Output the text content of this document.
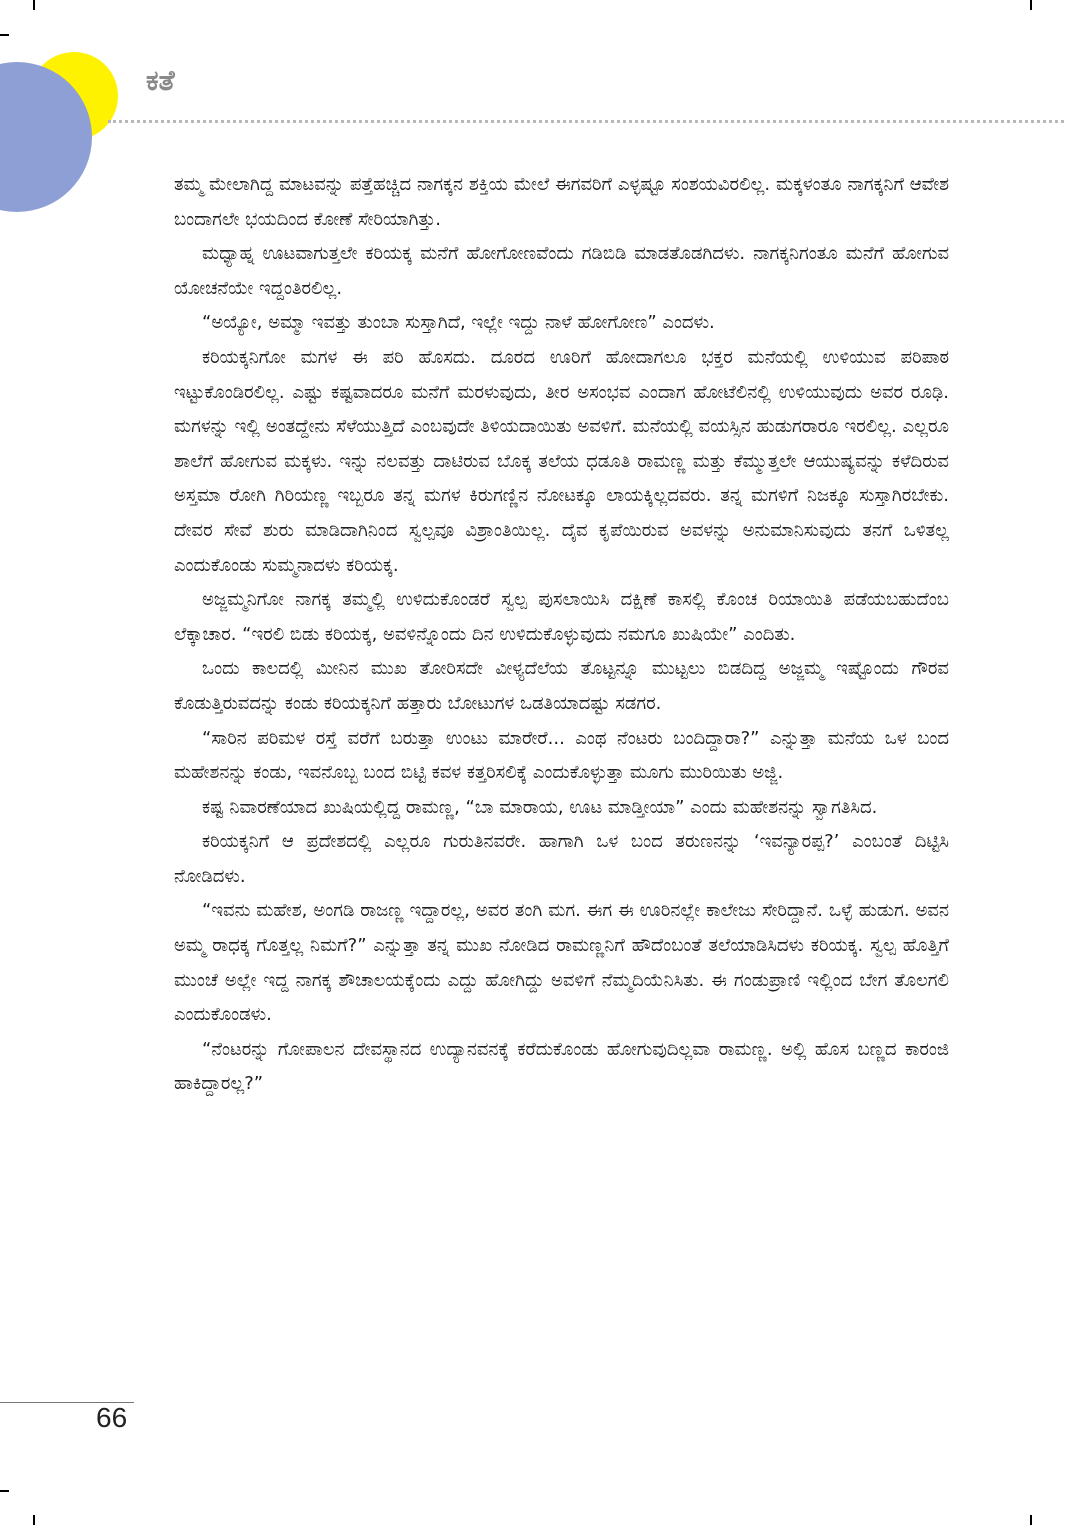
ಕತೆ

ತಮ್ಮ ಮೇಲಾಗಿದ್ದ ಮಾಟವನ್ನು ಪತ್ತೆಹಚ್ಚಿದ ನಾಗಕ್ಕನ ಶಕ್ತಿಯ ಮೇಲೆ ಈಗವರಿಗೆ ಎಳ್ಳಷ್ಟೂ ಸಂಶಯವಿರಲಿಲ್ಲ. ಮಕ್ಕಳಂತೂ ನಾಗಕ್ಕನಿಗೆ ಆವೇಶ ಬಂದಾಗಲೇ ಭಯದಿಂದ ಕೋಣೆ ಸೇರಿಯಾಗಿತ್ತು.

ಮಧ್ಯಾಹ್ನ ಊಟವಾಗುತ್ತಲೇ ಕರಿಯಕ್ಕ ಮನೆಗೆ ಹೋಗೋಣವೆಂದು ಗಡಿಬಿಡಿ ಮಾಡತೊಡಗಿದಳು. ನಾಗಕ್ಕನಿಗಂತೂ ಮನೆಗೆ ಹೋಗುವ ಯೋಚನೆಯೇ ಇದ್ದಂತಿರಲಿಲ್ಲ.

“ಅಯ್ಯೋ, ಅಮ್ಮಾ ಇವತ್ತು ತುಂಬಾ ಸುಸ್ತಾಗಿದೆ, ಇಲ್ಲೇ ಇದ್ದು ನಾಳೆ ಹೋಗೋಣ” ಎಂದಳು.

ಕರಿಯಕ್ಕನಿಗೋ ಮಗಳ ಈ ಪರಿ ಹೊಸದು. ದೂರದ ಊರಿಗೆ ಹೋದಾಗಲೂ ಭಕ್ತರ ಮನೆಯಲ್ಲಿ ಉಳಿಯುವ ಪರಿಪಾಠ ಇಟ್ಟುಕೊಂಡಿರಲಿಲ್ಲ. ಎಷ್ಟು ಕಷ್ಟವಾದರೂ ಮನೆಗೆ ಮರಳುವುದು, ತೀರ ಅಸಂಭವ ಎಂದಾಗ ಹೋಟೆಲಿನಲ್ಲಿ ಉಳಿಯುವುದು ಅವರ ರೂಢಿ. ಮಗಳನ್ನು ಇಲ್ಲಿ ಅಂತದ್ದೇನು ಸೆಳೆಯುತ್ತಿದೆ ಎಂಬವುದೇ ತಿಳಿಯದಾಯಿತು ಅವಳಿಗೆ. ಮನೆಯಲ್ಲಿ ವಯಸ್ಸಿನ ಹುಡುಗರಾರೂ ಇರಲಿಲ್ಲ. ಎಲ್ಲರೂ ಶಾಲೆಗೆ ಹೋಗುವ ಮಕ್ಕಳು. ಇನ್ನು ನಲವತ್ತು ದಾಟಿರುವ ಬೊಕ್ಕ ತಲೆಯ ಧಡೂತಿ ರಾಮಣ್ಣ ಮತ್ತು ಕೆಮ್ಮುತ್ತಲೇ ಆಯುಷ್ಯವನ್ನು ಕಳೆದಿರುವ ಅಸ್ತಮಾ ರೋಗಿ ಗಿರಿಯಣ್ಣ ಇಬ್ಬರೂ ತನ್ನ ಮಗಳ ಕಿರುಗಣ್ಣಿನ ನೋಟಕ್ಕೂ ಲಾಯಕ್ಕಿಲ್ಲದವರು. ತನ್ನ ಮಗಳಿಗೆ ನಿಜಕ್ಕೂ ಸುಸ್ತಾಗಿರಬೇಕು. ದೇವರ ಸೇವೆ ಶುರು ಮಾಡಿದಾಗಿನಿಂದ ಸ್ವಲ್ಪವೂ ವಿಶ್ರಾಂತಿಯಿಲ್ಲ. ದೈವ ಕೃಪೆಯಿರುವ ಅವಳನ್ನು ಅನುಮಾನಿಸುವುದು ತನಗೆ ಒಳಿತಲ್ಲ ಎಂದುಕೊಂಡು ಸುಮ್ಮನಾದಳು ಕರಿಯಕ್ಕ.

ಅಜ್ಜಮ್ಮನಿಗೋ ನಾಗಕ್ಕ ತಮ್ಮಲ್ಲಿ ಉಳಿದುಕೊಂಡರೆ ಸ್ವಲ್ಪ ಪುಸಲಾಯಿಸಿ ದಕ್ಷಿಣೆ ಕಾಸಲ್ಲಿ ಕೊಂಚ ರಿಯಾಯಿತಿ ಪಡೆಯಬಹುದೆಂಬ ಲೆಕ್ಕಾಚಾರ. “ಇರಲಿ ಬಿಡು ಕರಿಯಕ್ಕ, ಅವಳಿನ್ನೊಂದು ದಿನ ಉಳಿದುಕೊಳ್ಳುವುದು ನಮಗೂ ಖುಷಿಯೇ” ಎಂದಿತು.

ಒಂದು ಕಾಲದಲ್ಲಿ ಮೀನಿನ ಮುಖ ತೋರಿಸದೇ ವೀಳ್ಯದೆಲೆಯ ತೊಟ್ಟನ್ನೂ ಮುಟ್ಟಲು ಬಿಡದಿದ್ದ ಅಜ್ಜಮ್ಮ ಇಷ್ಟೊಂದು ಗೌರವ ಕೊಡುತ್ತಿರುವದನ್ನು ಕಂಡು ಕರಿಯಕ್ಕನಿಗೆ ಹತ್ತಾರು ಬೋಟುಗಳ ಒಡತಿಯಾದಷ್ಟು ಸಡಗರ.

“ಸಾರಿನ ಪರಿಮಳ ರಸ್ತೆ ವರೆಗೆ ಬರುತ್ತಾ ಉಂಟು ಮಾರೇರೆ... ಎಂಥ ನೆಂಟರು ಬಂದಿದ್ದಾರಾ?” ಎನ್ನುತ್ತಾ ಮನೆಯ ಒಳ ಬಂದ ಮಹೇಶನನ್ನು ಕಂಡು, ಇವನೊಬ್ಬ ಬಂದ ಬಿಟ್ಟಿ ಕವಳ ಕತ್ತರಿಸಲಿಕ್ಕೆ ಎಂದುಕೊಳ್ಳುತ್ತಾ ಮೂಗು ಮುರಿಯಿತು ಅಜ್ಜಿ.

ಕಷ್ಟ ನಿವಾರಣೆಯಾದ ಖುಷಿಯಲ್ಲಿದ್ದ ರಾಮಣ್ಣ, “ಬಾ ಮಾರಾಯ, ಊಟ ಮಾಡ್ತೀಯಾ” ಎಂದು ಮಹೇಶನನ್ನು ಸ್ವಾಗತಿಸಿದ.

ಕರಿಯಕ್ಕನಿಗೆ ಆ ಪ್ರದೇಶದಲ್ಲಿ ಎಲ್ಲರೂ ಗುರುತಿನವರೇ. ಹಾಗಾಗಿ ಒಳ ಬಂದ ತರುಣನನ್ನು ‘ಇವನ್ಯಾರಪ್ಪ?’ ಎಂಬಂತೆ ದಿಟ್ಟಿಸಿ ನೋಡಿದಳು.

“ಇವನು ಮಹೇಶ, ಅಂಗಡಿ ರಾಜಣ್ಣ ಇದ್ದಾರಲ್ಲ, ಅವರ ತಂಗಿ ಮಗ. ಈಗ ಈ ಊರಿನಲ್ಲೇ ಕಾಲೇಜು ಸೇರಿದ್ದಾನೆ. ಒಳ್ಳೆ ಹುಡುಗ. ಅವನ ಅಮ್ಮ ರಾಧಕ್ಕ ಗೊತ್ತಲ್ಲ ನಿಮಗೆ?” ಎನ್ನುತ್ತಾ ತನ್ನ ಮುಖ ನೋಡಿದ ರಾಮಣ್ಣನಿಗೆ ಹೌದೆಂಬಂತೆ ತಲೆಯಾಡಿಸಿದಳು ಕರಿಯಕ್ಕ. ಸ್ವಲ್ಪ ಹೊತ್ತಿಗೆ ಮುಂಚೆ ಅಲ್ಲೇ ಇದ್ದ ನಾಗಕ್ಕ ಶೌಚಾಲಯಕ್ಕೆಂದು ಎದ್ದು ಹೋಗಿದ್ದು ಅವಳಿಗೆ ನೆಮ್ಮದಿಯೆನಿಸಿತು. ಈ ಗಂಡುಪ್ರಾಣಿ ಇಲ್ಲಿಂದ ಬೇಗ ತೊಲಗಲಿ ಎಂದುಕೊಂಡಳು.

“ನೆಂಟರನ್ನು ಗೋಪಾಲನ ದೇವಸ್ಥಾನದ ಉದ್ಯಾನವನಕ್ಕೆ ಕರೆದುಕೊಂಡು ಹೋಗುವುದಿಲ್ಲವಾ ರಾಮಣ್ಣ. ಅಲ್ಲಿ ಹೊಸ ಬಣ್ಣದ ಕಾರಂಜಿ ಹಾಕಿದ್ದಾರಲ್ಲ?”

66
